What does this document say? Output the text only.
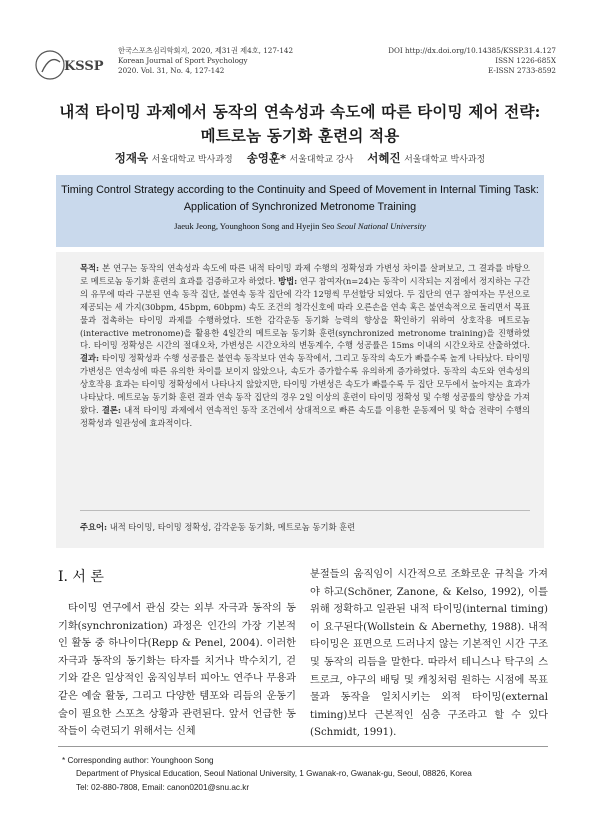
KSSP
한국스포츠심리학회지, 2020, 제31권 제4호, 127-142
Korean Journal of Sport Psychology
2020. Vol. 31, No. 4, 127-142
DOI http://dx.doi.org/10.14385/KSSP.31.4.127
ISSN 1226-685X
E-ISSN 2733-8592
내적 타이밍 과제에서 동작의 연속성과 속도에 따른 타이밍 제어 전략:
메트로놈 동기화 훈련의 적용
정재욱 서울대학교 박사과정 송영훈* 서울대학교 강사 서혜진 서울대학교 박사과정
Timing Control Strategy according to the Continuity and Speed of Movement in Internal Timing Task:
Application of Synchronized Metronome Training
Jaeuk Jeong, Younghoon Song and Hyejin Seo Seoul National University
목적: 본 연구는 동작의 연속성과 속도에 따른 내적 타이밍 과제 수행의 정확성과 가변성 차이를 살펴보고, 그 결과를 바탕으로 메트로놈 동기화 훈련의 효과를 검증하고자 하였다. 방법: 연구 참여자(n=24)는 동작이 시작되는 지점에서 정지하는 구간의 유무에 따라 구분된 연속 동작 집단, 불연속 동작 집단에 각각 12명씩 무선할당 되었다. 두 집단의 연구 참여자는 무선으로 제공되는 세 가지(30bpm, 45bpm, 60bpm) 속도 조건의 청각신호에 따라 오른손을 연속 혹은 불연속적으로 돌리면서 목표물과 접촉하는 타이밍 과제를 수행하였다. 또한 감각운동 동기화 능력의 향상을 확인하기 위하여 상호작용 메트로놈(interactive metronome)을 활용한 4일간의 메트로놈 동기화 훈련(synchronized metronome training)을 진행하였다. 타이밍 정확성은 시간의 절대오차, 가변성은 시간오차의 변동계수, 수행 성공률은 15ms 이내의 시간오차로 산출하였다. 결과: 타이밍 정확성과 수행 성공률은 불연속 동작보다 연속 동작에서, 그리고 동작의 속도가 빠를수록 높게 나타났다. 타이밍 가변성은 연속성에 따른 유의한 차이를 보이지 않았으나, 속도가 증가할수록 유의하게 증가하였다. 동작의 속도와 연속성의 상호작용 효과는 타이밍 정확성에서 나타나지 않았지만, 타이밍 가변성은 속도가 빠를수록 두 집단 모두에서 높아지는 효과가 나타났다. 메트로놈 동기화 훈련 결과 연속 동작 집단의 경우 2일 이상의 훈련이 타이밍 정확성 및 수행 성공률의 향상을 가져왔다. 결론: 내적 타이밍 과제에서 연속적인 동작 조건에서 상대적으로 빠른 속도를 이용한 운동제어 및 학습 전략이 수행의 정확성과 일관성에 효과적이다.
주요어: 내적 타이밍, 타이밍 정확성, 감각운동 동기화, 메트로놈 동기화 훈련
I. 서 론
타이밍 연구에서 관심 갖는 외부 자극과 동작의 동기화(synchronization) 과정은 인간의 가장 기본적인 활동 중 하나이다(Repp & Penel, 2004). 이러한 자극과 동작의 동기화는 타자를 치거나 박수치기, 걷기와 같은 일상적인 움직임부터 피아노 연주나 무용과 같은 예술 활동, 그리고 다양한 템포와 리듬의 운동기술이 필요한 스포츠 상황과 관련된다. 앞서 언급한 동작들이 숙련되기 위해서는 신체
분절들의 움직임이 시간적으로 조화로운 규칙을 가져야 하고(Schöner, Zanone, & Kelso, 1992), 이를 위해 정확하고 일관된 내적 타이밍(internal timing)이 요구된다(Wollstein & Abernethy, 1988). 내적 타이밍은 표면으로 드러나지 않는 기본적인 시간 구조 및 동작의 리듬을 말한다. 따라서 테니스나 탁구의 스트로크, 야구의 배팅 및 캐칭처럼 원하는 시점에 목표물과 동작을 일치시키는 외적 타이밍(external timing)보다 근본적인 심층 구조라고 할 수 있다(Schmidt, 1991).
* Corresponding author: Younghoon Song
Department of Physical Education, Seoul National University, 1 Gwanak-ro, Gwanak-gu, Seoul, 08826, Korea
Tel: 02-880-7808, Email: canon0201@snu.ac.kr
